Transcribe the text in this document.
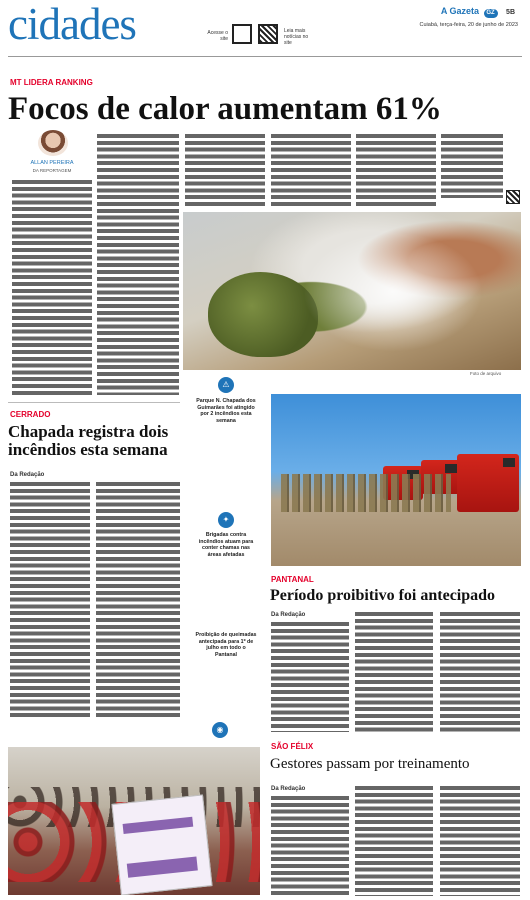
cidades	Acesse o site
Leia mais notícias no site
A Gazeta GZ 5B
Cuiabá, terça-feira, 20 de junho de 2023
MT LIDERA RANKING
Focos de calor aumentam 61%
ALLAN PEREIRA
DA REPORTAGEM
Foto de arquivo
⚠
Parque N. Chapada dos Guimarães foi atingido por 2 incêndios esta semana
✦
Brigadas contra incêndios atuam para conter chamas nas áreas afetadas
Proibição de queimadas antecipada para 1º de julho em todo o Pantanal
◉
CERRADO
Chapada registra dois incêndios esta semana
Da Redação
PANTANAL
Período proibitivo foi antecipado
Da Redação
SÃO FÉLIX
Gestores passam por treinamento
Da Redação
